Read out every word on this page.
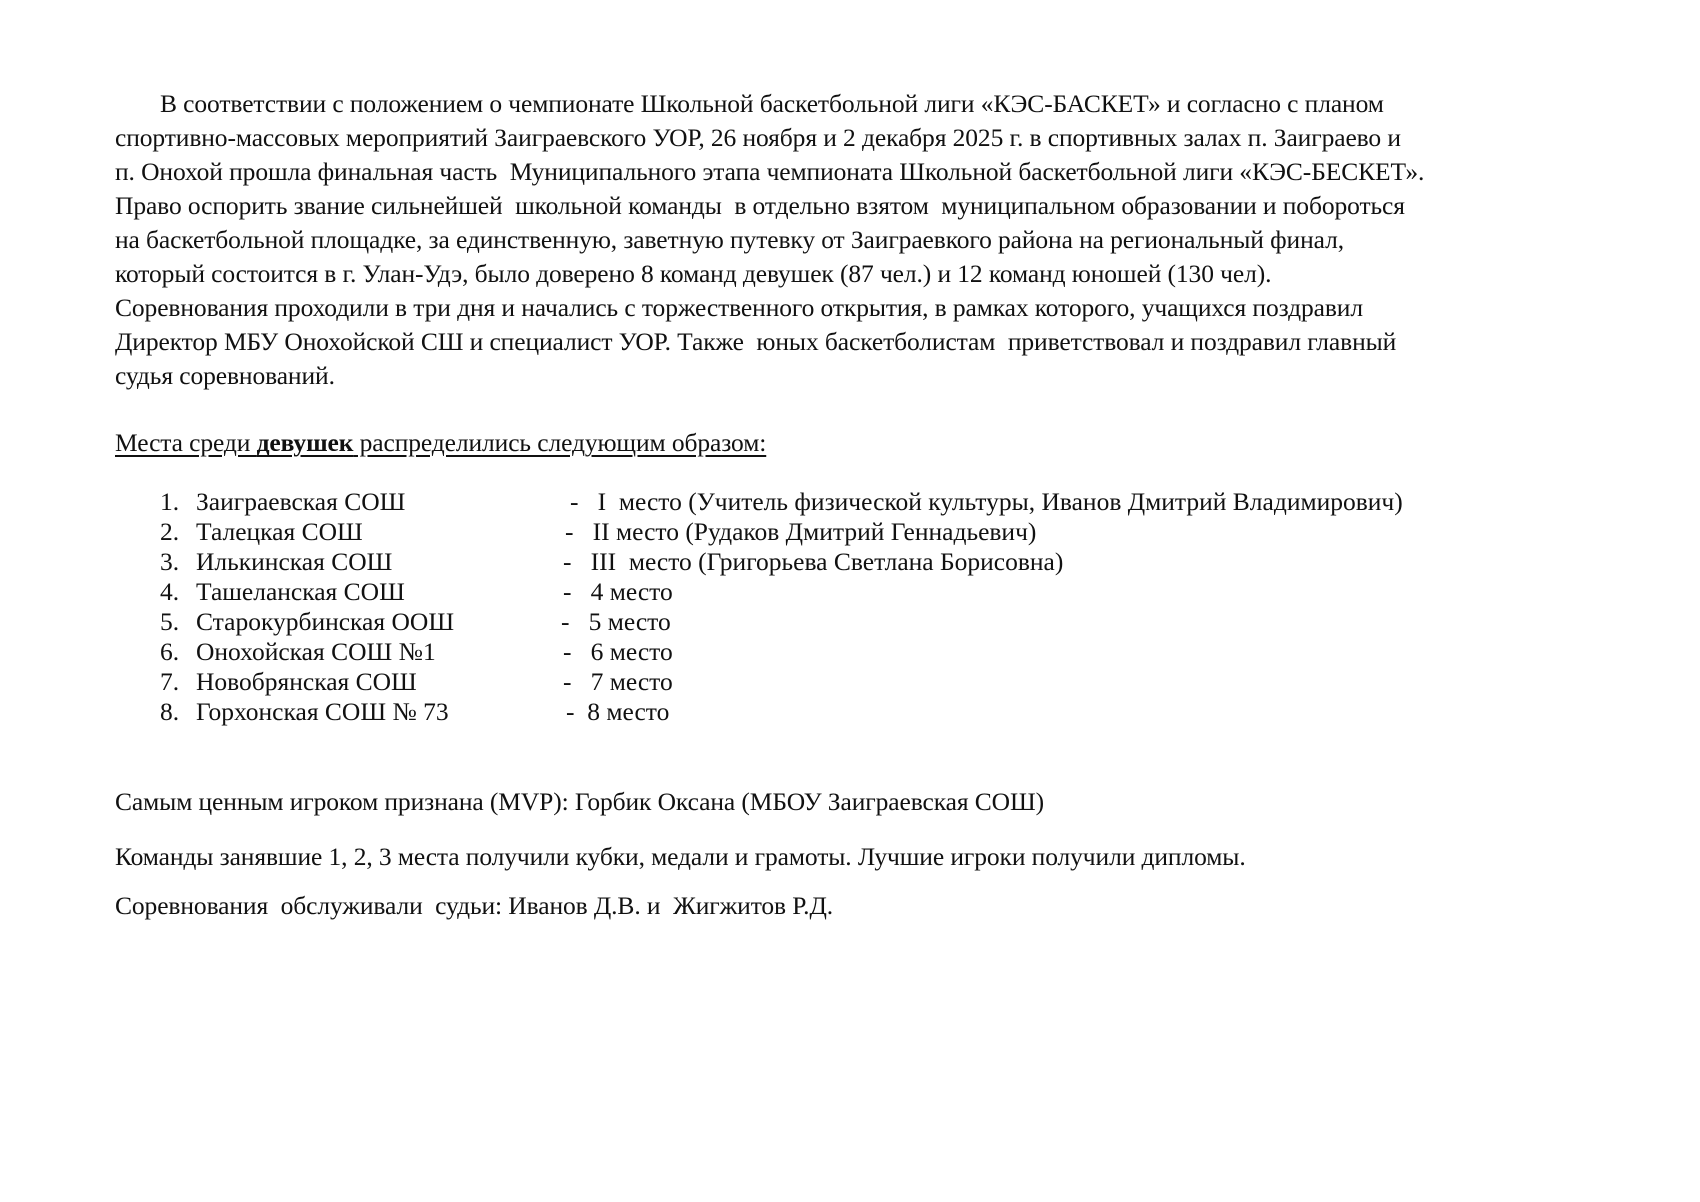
В соответствии с положением о чемпионате Школьной баскетбольной лиги «КЭС-БАСКЕТ» и согласно с планом
спортивно-массовых мероприятий Заиграевского УОР, 26 ноября и 2 декабря 2025 г. в спортивных залах п. Заиграево и
п. Онохой прошла финальная часть  Муниципального этапа чемпионата Школьной баскетбольной лиги «КЭС-БЕСКЕТ».
Право оспорить звание сильнейшей  школьной команды  в отдельно взятом  муниципальном образовании и побороться
на баскетбольной площадке, за единственную, заветную путевку от Заиграевкого района на региональный финал,
который состоится в г. Улан-Удэ, было доверено 8 команд девушек (87 чел.) и 12 команд юношей (130 чел).
Соревнования проходили в три дня и начались с торжественного открытия, в рамках которого, учащихся поздравил
Директор МБУ Онохойской СШ и специалист УОР. Также  юных баскетболистам  приветствовал и поздравил главный
судья соревнований.
Места среди девушек распределились следующим образом:
1. Заиграевская СОШ	-   I  место (Учитель физической культуры, Иванов Дмитрий Владимирович)
2. Талецкая СОШ	-   II место (Рудаков Дмитрий Геннадьевич)
3. Илькинская СОШ	-   III  место (Григорьева Светлана Борисовна)
4. Ташеланская СОШ	-   4 место
5. Старокурбинская ООШ	-   5 место
6. Онохойская СОШ №1	-   6 место
7. Новобрянская СОШ	-   7 место
8. Горхонская СОШ № 73	-  8 место
Самым ценным игроком признана (MVP): Горбик Оксана (МБОУ Заиграевская СОШ)
Команды занявшие 1, 2, 3 места получили кубки, медали и грамоты. Лучшие игроки получили дипломы.
Соревнования  обслуживали  судьи: Иванов Д.В. и  Жигжитов Р.Д.
